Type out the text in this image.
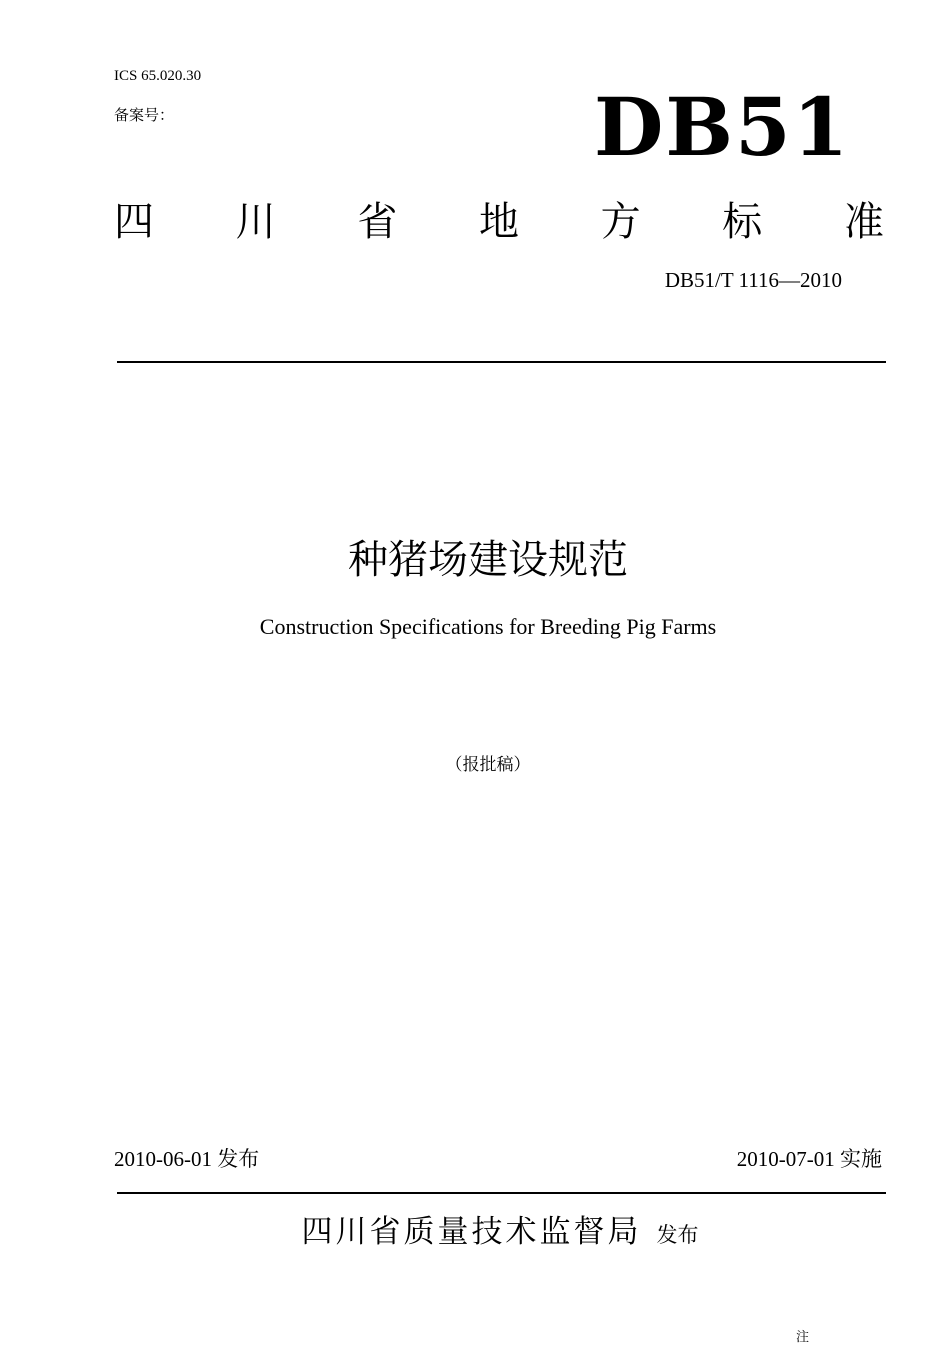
ICS 65.020.30
备案号：	DB51
四 川 省 地 方 标 准
DB51/T 1116—2010
种猪场建设规范
Construction Specifications for Breeding Pig Farms
（报批稿）
2010-06-01 发布	2010-07-01 实施
四川省质量技术监督局 发布
注
